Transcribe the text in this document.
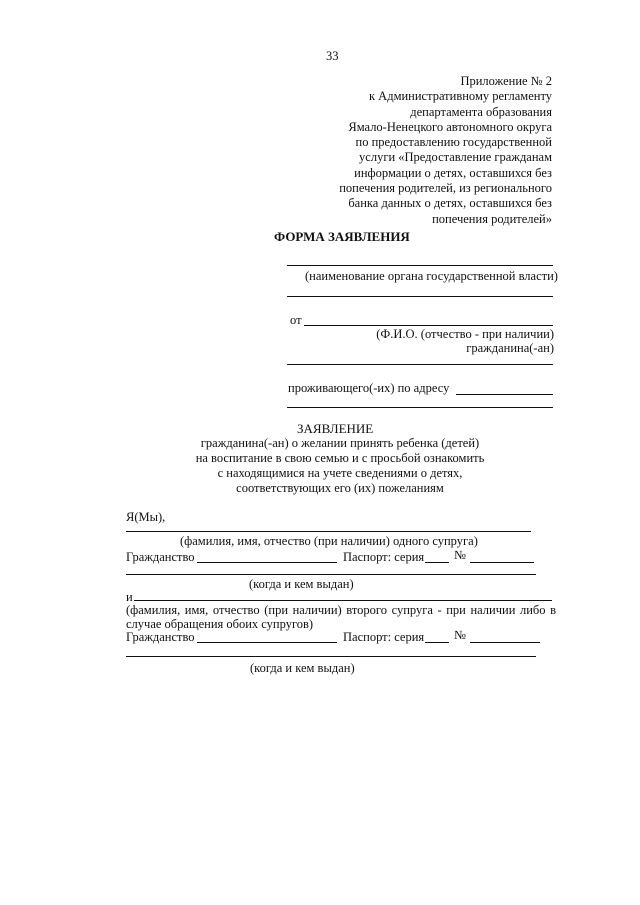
33
Приложение № 2
к Административному регламенту
департамента образования
Ямало-Ненецкого автономного округа
по предоставлению государственной
услуги «Предоставление гражданам
информации о детях, оставшихся без
попечения родителей, из регионального
банка данных о детях, оставшихся без
попечения родителей»
ФОРМА ЗАЯВЛЕНИЯ
(наименование органа государственной власти)
от
(Ф.И.О. (отчество - при наличии)
гражданина(-ан)
проживающего(-их) по адресу
ЗАЯВЛЕНИЕ
гражданина(-ан) о желании принять ребенка (детей)
на воспитание в свою семью и с просьбой ознакомить
с находящимися на учете сведениями о детях,
соответствующих его (их) пожеланиям
Я(Мы),
(фамилия, имя, отчество (при наличии) одного супруга)
Гражданство	Паспорт: серия №
(когда и кем выдан)
и
(фамилия, имя, отчество (при наличии) второго супруга - при наличии либо в
случае обращения обоих супругов)
Гражданство	Паспорт: серия №
(когда и кем выдан)
